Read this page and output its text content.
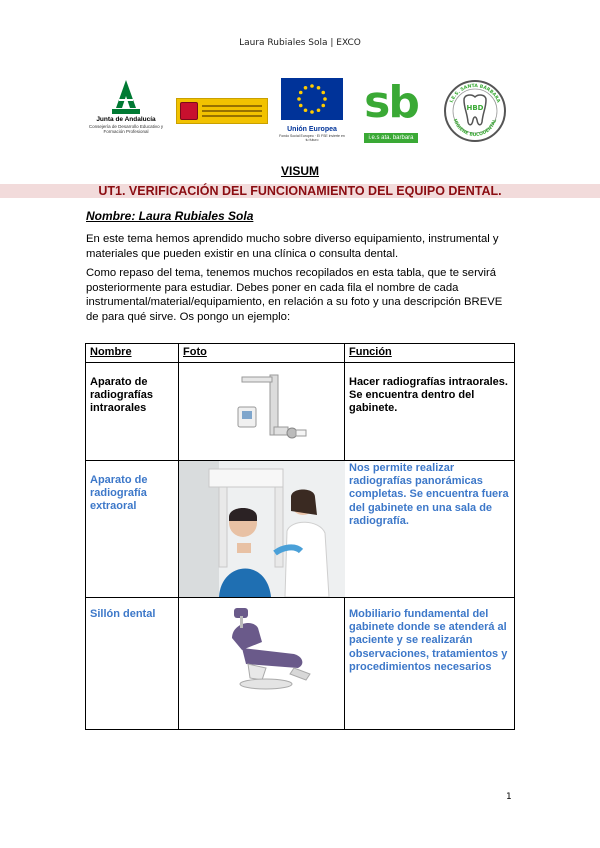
Laura Rubiales Sola | EXCO
Junta de Andalucía
Consejería de Desarrollo Educativo y Formación Profesional	Unión Europea
Fondo Social Europeo · El FSE invierte en tu futuro
sb
i.e.s ata. barbara
HBD
I.E.S. SANTA BÁRBARA
HIGIENE BUCODENTAL
VISUM
UT1. VERIFICACIÓN DEL FUNCIONAMIENTO DEL EQUIPO DENTAL.
Nombre: Laura Rubiales Sola
En este tema hemos aprendido mucho sobre diverso equipamiento, instrumental y materiales que pueden existir en una clínica o consulta dental.
Como repaso del tema, tenemos muchos recopilados en esta tabla, que te servirá posteriormente para estudiar. Debes poner en cada fila el nombre de cada instrumental/material/equipamiento, en relación a su foto y una descripción BREVE de para qué sirve. Os pongo un ejemplo:
Nombre	Foto	Función
Aparato de radiografías intraorales		Hacer radiografías intraorales. Se encuentra dentro del gabinete.
Aparato de radiografía extraoral		Nos permite realizar radiografías panorámicas completas. Se encuentra fuera del gabinete en una sala de radiografía.
Sillón dental		Mobiliario fundamental del gabinete donde se atenderá al paciente y se realizarán observaciones, tratamientos y procedimientos necesarios
1
